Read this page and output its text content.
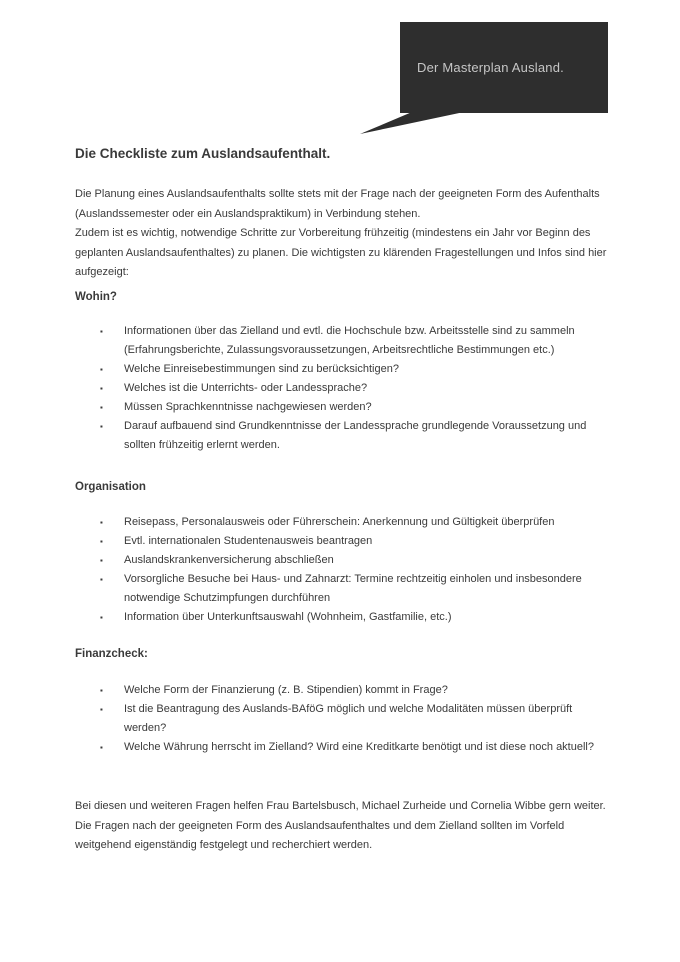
Der Masterplan Ausland.
Die Checkliste zum Auslandsaufenthalt.

Die Planung eines Auslandsaufenthalts sollte stets mit der Frage nach der geeigneten Form des Aufenthalts (Auslandssemester oder ein Auslandspraktikum) in Verbindung stehen.

Zudem ist es wichtig, notwendige Schritte zur Vorbereitung frühzeitig (mindestens ein Jahr vor Beginn des geplanten Auslandsaufenthaltes) zu planen. Die wichtigsten zu klärenden Fragestellungen und Infos sind hier aufgezeigt:

Wohin?
▪	Informationen über das Zielland und evtl. die Hochschule bzw. Arbeitsstelle sind zu sammeln (Erfahrungsberichte, Zulassungsvoraussetzungen, Arbeitsrechtliche Bestimmungen etc.)
▪	Welche Einreisebestimmungen sind zu berücksichtigen?
▪	Welches ist die Unterrichts- oder Landessprache?
▪	Müssen Sprachkenntnisse nachgewiesen werden?
▪	Darauf aufbauend sind Grundkenntnisse der Landessprache grundlegende Voraussetzung und sollten frühzeitig erlernt werden.
Organisation
▪	Reisepass, Personalausweis oder Führerschein: Anerkennung und Gültigkeit überprüfen
▪	Evtl. internationalen Studentenausweis beantragen
▪	Auslandskrankenversicherung abschließen
▪	Vorsorgliche Besuche bei Haus- und Zahnarzt: Termine rechtzeitig einholen und insbesondere notwendige Schutzimpfungen durchführen
▪	Information über Unterkunftsauswahl (Wohnheim, Gastfamilie, etc.)
Finanzcheck:
▪	Welche Form der Finanzierung (z. B. Stipendien) kommt in Frage?
▪	Ist die Beantragung des Auslands-BAföG möglich und welche Modalitäten müssen überprüft werden?
▪	Welche Währung herrscht im Zielland? Wird eine Kreditkarte benötigt und ist diese noch aktuell?

Bei diesen und weiteren Fragen helfen Frau Bartelsbusch, Michael Zurheide und Cornelia Wibbe gern weiter. Die Fragen nach der geeigneten Form des Auslandsaufenthaltes und dem Zielland sollten im Vorfeld weitgehend eigenständig festgelegt und recherchiert werden.
